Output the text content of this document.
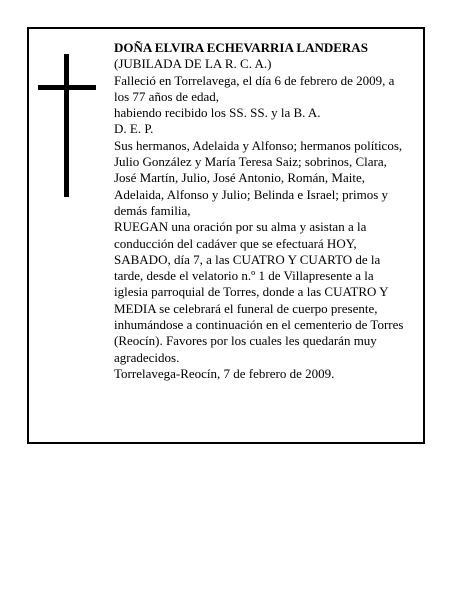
DOÑA ELVIRA ECHEVARRIA LANDERAS
(JUBILADA DE LA R. C. A.)
Falleció en Torrelavega, el día 6 de febrero de 2009, a
los 77 años de edad,
habiendo recibido los SS. SS. y la B. A.
D. E. P.
Sus hermanos, Adelaida y Alfonso; hermanos políticos,
Julio González y María Teresa Saiz; sobrinos, Clara,
José Martín, Julio, José Antonio, Román, Maite,
Adelaida, Alfonso y Julio; Belinda e Israel; primos y
demás familia,
RUEGAN una oración por su alma y asistan a la
conducción del cadáver que se efectuará HOY,
SABADO, día 7, a las CUATRO Y CUARTO de la
tarde, desde el velatorio n.º 1 de Villapresente a la
iglesia parroquial de Torres, donde a las CUATRO Y
MEDIA se celebrará el funeral de cuerpo presente,
inhumándose a continuación en el cementerio de Torres
(Reocín). Favores por los cuales les quedarán muy
agradecidos.
Torrelavega-Reocín, 7 de febrero de 2009.
